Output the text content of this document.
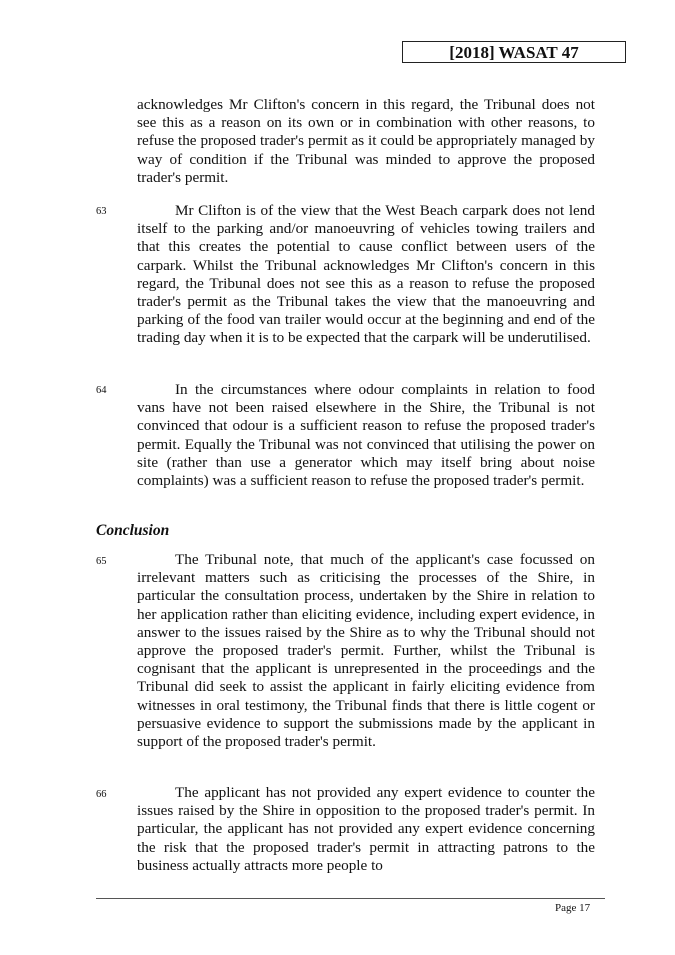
[2018] WASAT 47
acknowledges Mr Clifton's concern in this regard, the Tribunal does not see this as a reason on its own or in combination with other reasons, to refuse the proposed trader's permit as it could be appropriately managed by way of condition if the Tribunal was minded to approve the proposed trader's permit.
63	Mr Clifton is of the view that the West Beach carpark does not lend itself to the parking and/or manoeuvring of vehicles towing trailers and that this creates the potential to cause conflict between users of the carpark. Whilst the Tribunal acknowledges Mr Clifton's concern in this regard, the Tribunal does not see this as a reason to refuse the proposed trader's permit as the Tribunal takes the view that the manoeuvring and parking of the food van trailer would occur at the beginning and end of the trading day when it is to be expected that the carpark will be underutilised.
64	In the circumstances where odour complaints in relation to food vans have not been raised elsewhere in the Shire, the Tribunal is not convinced that odour is a sufficient reason to refuse the proposed trader's permit. Equally the Tribunal was not convinced that utilising the power on site (rather than use a generator which may itself bring about noise complaints) was a sufficient reason to refuse the proposed trader's permit.
Conclusion
65	The Tribunal note, that much of the applicant's case focussed on irrelevant matters such as criticising the processes of the Shire, in particular the consultation process, undertaken by the Shire in relation to her application rather than eliciting evidence, including expert evidence, in answer to the issues raised by the Shire as to why the Tribunal should not approve the proposed trader's permit. Further, whilst the Tribunal is cognisant that the applicant is unrepresented in the proceedings and the Tribunal did seek to assist the applicant in fairly eliciting evidence from witnesses in oral testimony, the Tribunal finds that there is little cogent or persuasive evidence to support the submissions made by the applicant in support of the proposed trader's permit.
66	The applicant has not provided any expert evidence to counter the issues raised by the Shire in opposition to the proposed trader's permit. In particular, the applicant has not provided any expert evidence concerning the risk that the proposed trader's permit in attracting patrons to the business actually attracts more people to
Page 17
